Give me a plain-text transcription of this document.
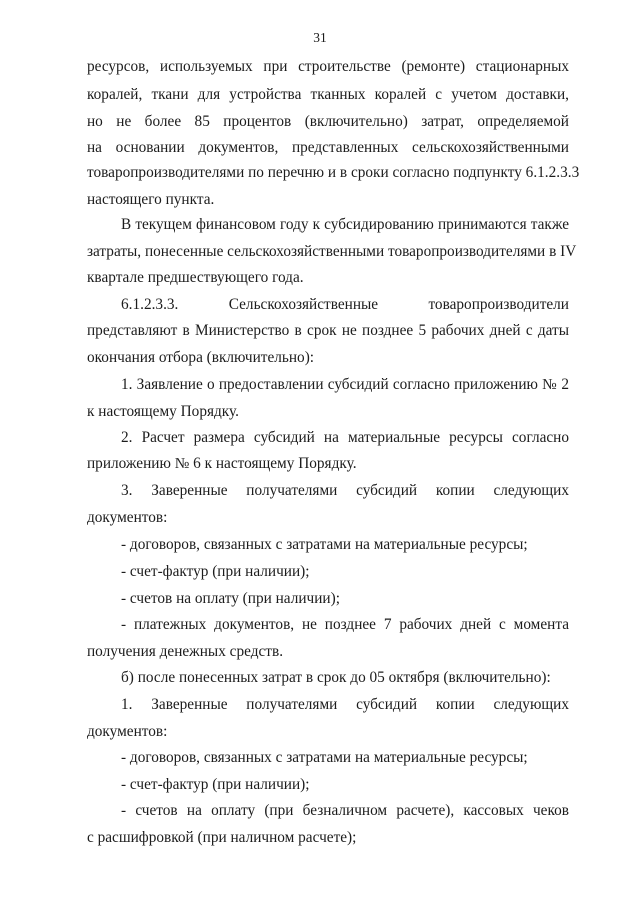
31
ресурсов, используемых при строительстве (ремонте) стационарных
коралей, ткани для устройства тканных коралей с учетом доставки,
но не более 85 процентов (включительно) затрат, определяемой
на основании документов, представленных сельскохозяйственными
товаропроизводителями по перечню и в сроки согласно подпункту 6.1.2.3.3
настоящего пункта.
В текущем финансовом году к субсидированию принимаются также
затраты, понесенные сельскохозяйственными товаропроизводителями в IV
квартале предшествующего года.
6.1.2.3.3. Сельскохозяйственные товаропроизводители
представляют в Министерство в срок не позднее 5 рабочих дней с даты
окончания отбора (включительно):
1. Заявление о предоставлении субсидий согласно приложению № 2
к настоящему Порядку.
2. Расчет размера субсидий на материальные ресурсы согласно
приложению № 6 к настоящему Порядку.
3. Заверенные получателями субсидий копии следующих
документов:
- договоров, связанных с затратами на материальные ресурсы;
- счет-фактур (при наличии);
- счетов на оплату (при наличии);
- платежных документов, не позднее 7 рабочих дней с момента
получения денежных средств.
б) после понесенных затрат в срок до 05 октября (включительно):
1. Заверенные получателями субсидий копии следующих
документов:
- договоров, связанных с затратами на материальные ресурсы;
- счет-фактур (при наличии);
- счетов на оплату (при безналичном расчете), кассовых чеков
с расшифровкой (при наличном расчете);
